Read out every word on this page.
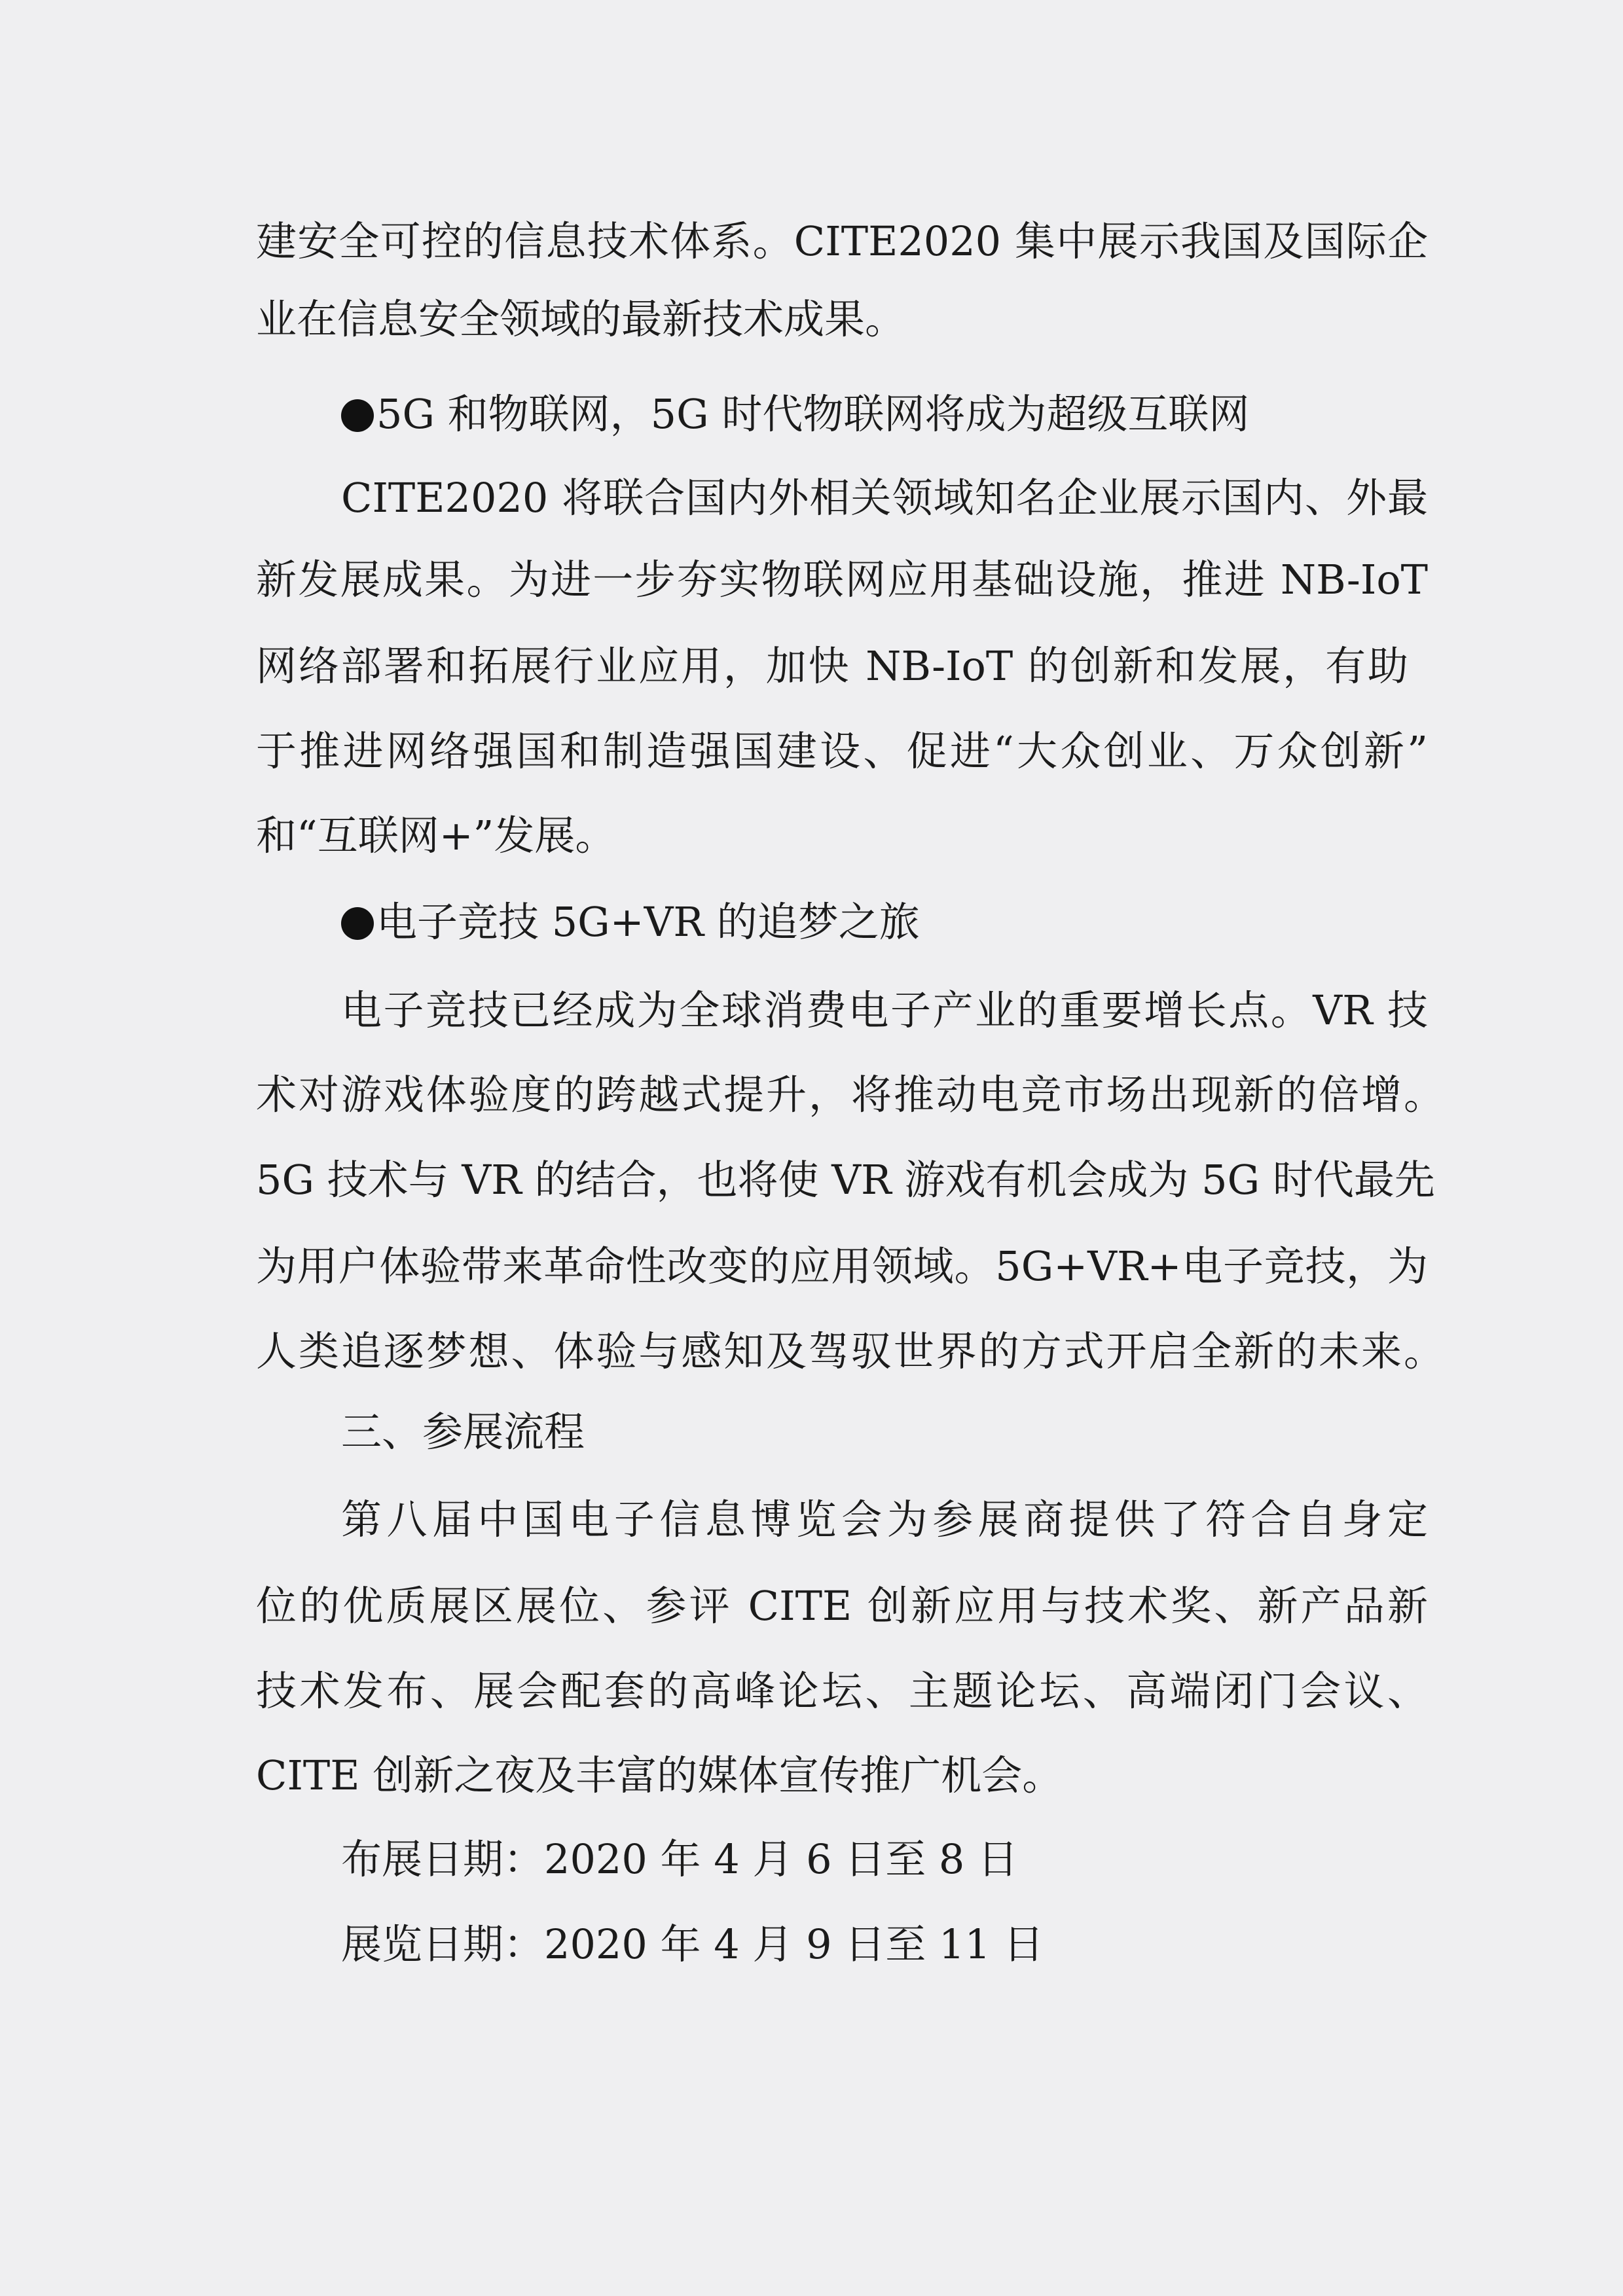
建安全可控的信息技术体系。CITE2020 集中展示我国及国际企
业在信息安全领域的最新技术成果。
5G 和物联网，5G 时代物联网将成为超级互联网
CITE2020 将联合国内外相关领域知名企业展示国内、外最
新发展成果。为进一步夯实物联网应用基础设施，推进 NB-IoT
网络部署和拓展行业应用，加快 NB-IoT 的创新和发展，有助
于推进网络强国和制造强国建设、促进“大众创业、万众创新”
和“互联网+”发展。
电子竞技 5G+VR 的追梦之旅
电子竞技已经成为全球消费电子产业的重要增长点。VR 技
术对游戏体验度的跨越式提升，将推动电竞市场出现新的倍增。
5G 技术与 VR 的结合，也将使 VR 游戏有机会成为 5G 时代最先
为用户体验带来革命性改变的应用领域。5G+VR+电子竞技，为
人类追逐梦想、体验与感知及驾驭世界的方式开启全新的未来。
三、参展流程
第八届中国电子信息博览会为参展商提供了符合自身定
位的优质展区展位、参评 CITE 创新应用与技术奖、新产品新
技术发布、展会配套的高峰论坛、主题论坛、高端闭门会议、
CITE 创新之夜及丰富的媒体宣传推广机会。
布展日期：2020 年 4 月 6 日至 8 日
展览日期：2020 年 4 月 9 日至 11 日
